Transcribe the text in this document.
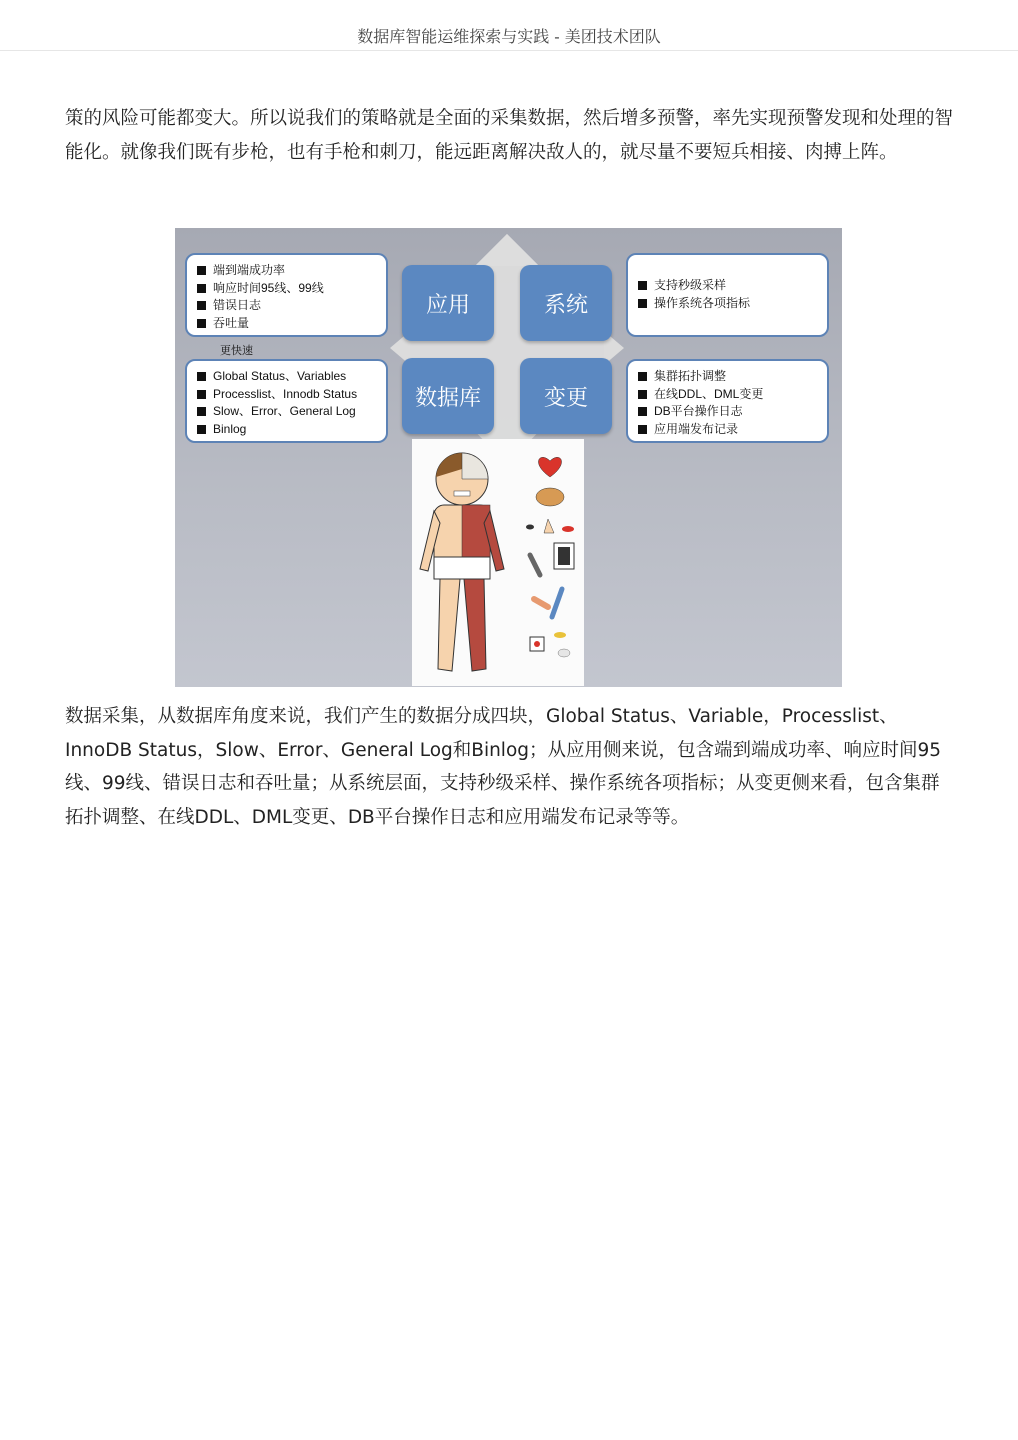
数据库智能运维探索与实践 - 美团技术团队

策的风险可能都变大。所以说我们的策略就是全面的采集数据，然后增多预警，率先实现预警发现和处理的智能化。就像我们既有步枪，也有手枪和刺刀，能远距离解决敌人的，就尽量不要短兵相接、肉搏上阵。

应用	系统
数据库	变更
端到端成功率
响应时间95线、99线
错误日志
吞吐量
更快速
支持秒级采样
操作系统各项指标
Global Status、Variables
Processlist、Innodb Status
Slow、Error、General Log
Binlog
集群拓扑调整
在线DDL、DML变更
DB平台操作日志
应用端发布记录

数据采集，从数据库角度来说，我们产生的数据分成四块，Global Status、Variable，Processlist、InnoDB Status，Slow、Error、General Log和Binlog；从应用侧来说，包含端到端成功率、响应时间95线、99线、错误日志和吞吐量；从系统层面，支持秒级采样、操作系统各项指标；从变更侧来看，包含集群拓扑调整、在线DDL、DML变更、DB平台操作日志和应用端发布记录等等。
